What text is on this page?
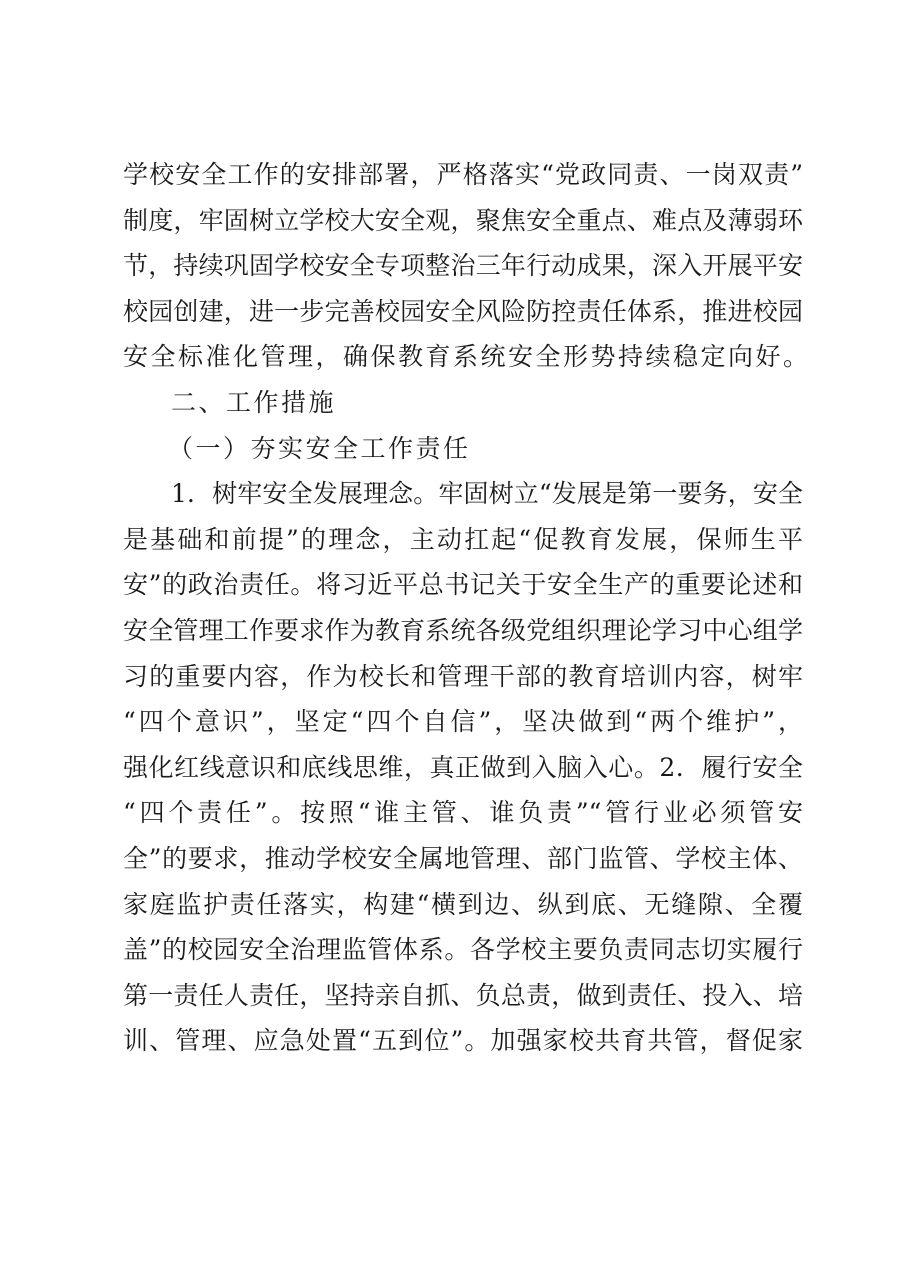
学校安全工作的安排部署，严格落实“党政同责、一岗双责”
制度，牢固树立学校大安全观，聚焦安全重点、难点及薄弱环
节，持续巩固学校安全专项整治三年行动成果，深入开展平安
校园创建，进一步完善校园安全风险防控责任体系，推进校园
安全标准化管理，确保教育系统安全形势持续稳定向好。
二、工作措施
（一）夯实安全工作责任
1．树牢安全发展理念。牢固树立“发展是第一要务，安全
是基础和前提”的理念，主动扛起“促教育发展，保师生平
安”的政治责任。将习近平总书记关于安全生产的重要论述和
安全管理工作要求作为教育系统各级党组织理论学习中心组学
习的重要内容，作为校长和管理干部的教育培训内容，树牢
“四个意识”，坚定“四个自信”，坚决做到“两个维护”，
强化红线意识和底线思维，真正做到入脑入心。2．履行安全
“四个责任”。按照“谁主管、谁负责”“管行业必须管安
全”的要求，推动学校安全属地管理、部门监管、学校主体、
家庭监护责任落实，构建“横到边、纵到底、无缝隙、全覆
盖”的校园安全治理监管体系。各学校主要负责同志切实履行
第一责任人责任，坚持亲自抓、负总责，做到责任、投入、培
训、管理、应急处置“五到位”。加强家校共育共管，督促家
